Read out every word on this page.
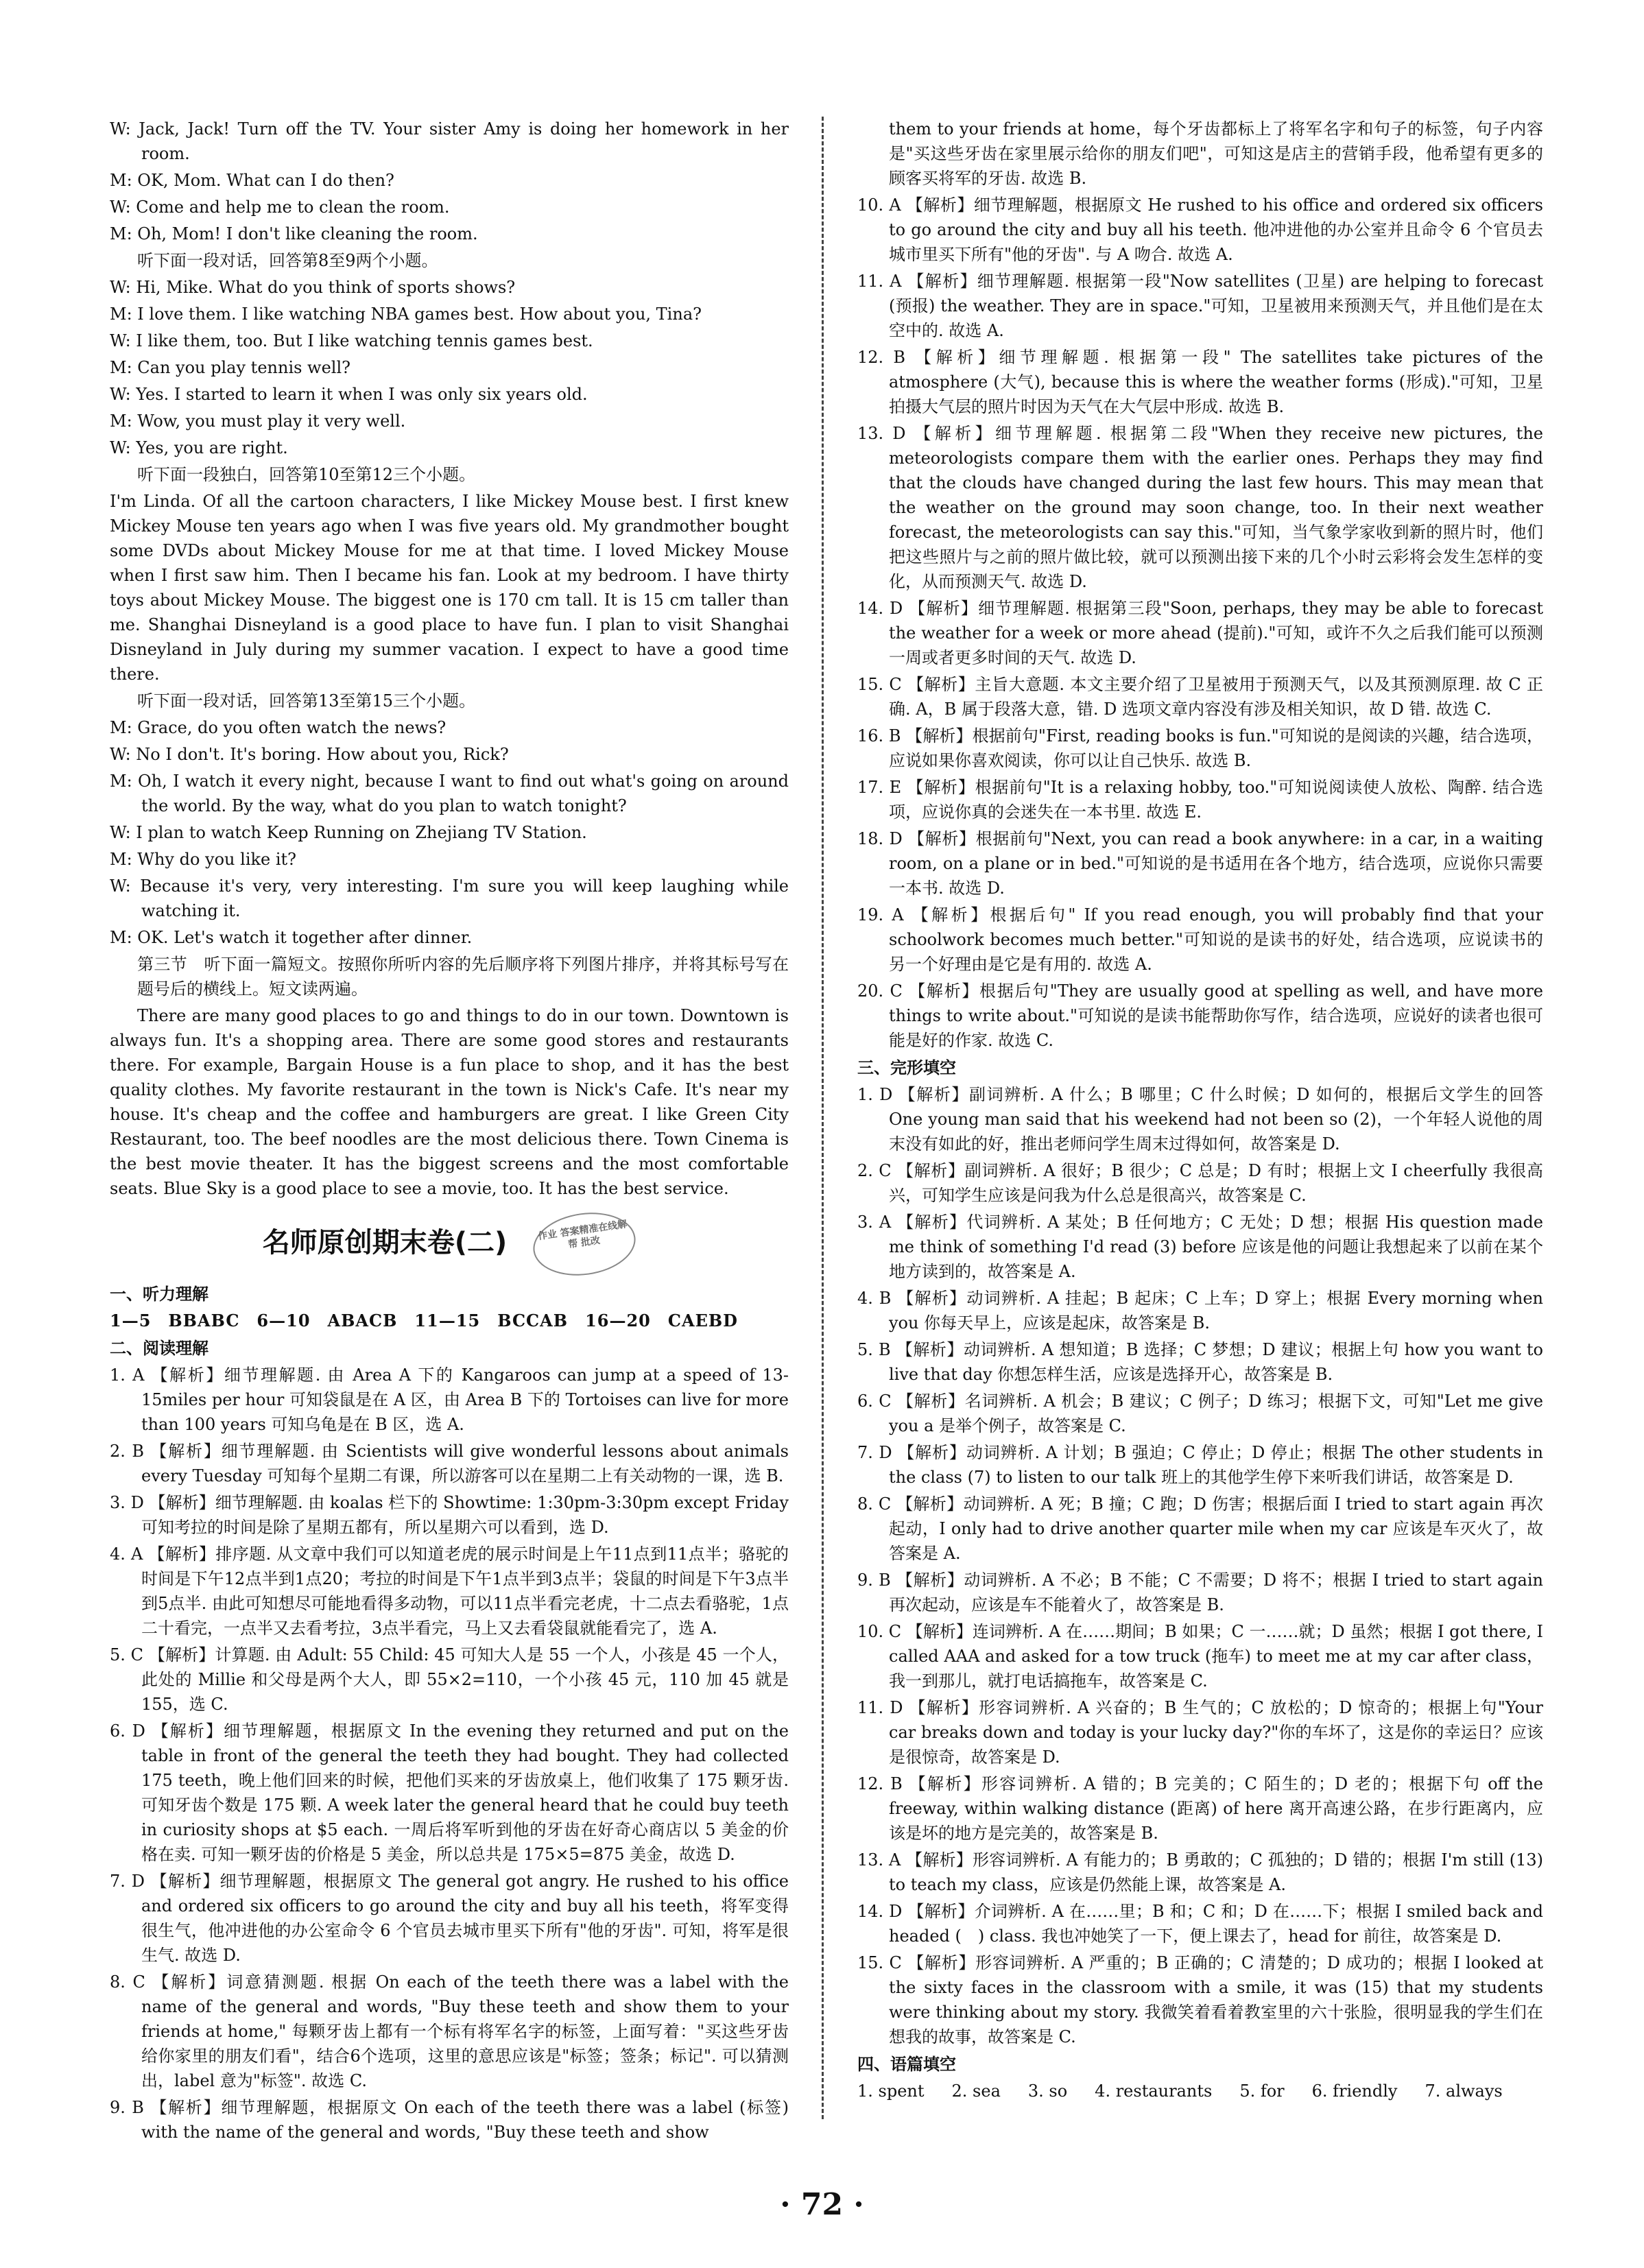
W: Jack, Jack! Turn off the TV. Your sister Amy is doing her homework in her room.

M: OK, Mom. What can I do then?

W: Come and help me to clean the room.

M: Oh, Mom! I don't like cleaning the room.

听下面一段对话，回答第8至9两个小题。

W: Hi, Mike. What do you think of sports shows?

M: I love them. I like watching NBA games best. How about you, Tina?

W: I like them, too. But I like watching tennis games best.

M: Can you play tennis well?

W: Yes. I started to learn it when I was only six years old.

M: Wow, you must play it very well.

W: Yes, you are right.

听下面一段独白，回答第10至第12三个小题。

I'm Linda. Of all the cartoon characters, I like Mickey Mouse best. I first knew Mickey Mouse ten years ago when I was five years old. My grandmother bought some DVDs about Mickey Mouse for me at that time. I loved Mickey Mouse when I first saw him. Then I became his fan. Look at my bedroom. I have thirty toys about Mickey Mouse. The biggest one is 170 cm tall. It is 15 cm taller than me. Shanghai Disneyland is a good place to have fun. I plan to visit Shanghai Disneyland in July during my summer vacation. I expect to have a good time there.

听下面一段对话，回答第13至第15三个小题。

M: Grace, do you often watch the news?

W: No I don't. It's boring. How about you, Rick?

M: Oh, I watch it every night, because I want to find out what's going on around the world. By the way, what do you plan to watch tonight?

W: I plan to watch Keep Running on Zhejiang TV Station.

M: Why do you like it?

W: Because it's very, very interesting. I'm sure you will keep laughing while watching it.

M: OK. Let's watch it together after dinner.

第三节　听下面一篇短文。按照你所听内容的先后顺序将下列图片排序，并将其标号写在题号后的横线上。短文读两遍。

There are many good places to go and things to do in our town. Downtown is always fun. It's a shopping area. There are some good stores and restaurants there. For example, Bargain House is a fun place to shop, and it has the best quality clothes. My favorite restaurant in the town is Nick's Cafe. It's near my house. It's cheap and the coffee and hamburgers are great. I like Green City Restaurant, too. The beef noodles are the most delicious there. Town Cinema is the best movie theater. It has the biggest screens and the most comfortable seats. Blue Sky is a good place to see a movie, too. It has the best service.

名师原创期末卷(二)	作业 答案精准在线解 帮 批改

一、听力理解

1—5　BBABC　6—10　ABACB　11—15　BCCAB　16—20　CAEBD

二、阅读理解

1. A 【解析】细节理解题. 由 Area A 下的 Kangaroos can jump at a speed of 13-15miles per hour 可知袋鼠是在 A 区，由 Area B 下的 Tortoises can live for more than 100 years 可知乌龟是在 B 区，选 A.

2. B 【解析】细节理解题. 由 Scientists will give wonderful lessons about animals every Tuesday 可知每个星期二有课，所以游客可以在星期二上有关动物的一课，选 B.

3. D 【解析】细节理解题. 由 koalas 栏下的 Showtime: 1:30pm-3:30pm except Friday 可知考拉的时间是除了星期五都有，所以星期六可以看到，选 D.

4. A 【解析】排序题. 从文章中我们可以知道老虎的展示时间是上午11点到11点半；骆驼的时间是下午12点半到1点20；考拉的时间是下午1点半到3点半；袋鼠的时间是下午3点半到5点半. 由此可知想尽可能地看得多动物，可以11点半看完老虎，十二点去看骆驼，1点二十看完，一点半又去看考拉，3点半看完，马上又去看袋鼠就能看完了，选 A.

5. C 【解析】计算题. 由 Adult: 55 Child: 45 可知大人是 55 一个人，小孩是 45 一个人，此处的 Millie 和父母是两个大人，即 55×2=110，一个小孩 45 元，110 加 45 就是 155，选 C.

6. D 【解析】细节理解题，根据原文 In the evening they returned and put on the table in front of the general the teeth they had bought. They had collected 175 teeth，晚上他们回来的时候，把他们买来的牙齿放桌上，他们收集了 175 颗牙齿. 可知牙齿个数是 175 颗. A week later the general heard that he could buy teeth in curiosity shops at $5 each. 一周后将军听到他的牙齿在好奇心商店以 5 美金的价格在卖. 可知一颗牙齿的价格是 5 美金，所以总共是 175×5=875 美金，故选 D.

7. D 【解析】细节理解题，根据原文 The general got angry. He rushed to his office and ordered six officers to go around the city and buy all his teeth，将军变得很生气，他冲进他的办公室命令 6 个官员去城市里买下所有"他的牙齿". 可知，将军是很生气. 故选 D.

8. C 【解析】词意猜测题. 根据 On each of the teeth there was a label with the name of the general and words, "Buy these teeth and show them to your friends at home," 每颗牙齿上都有一个标有将军名字的标签，上面写着："买这些牙齿给你家里的朋友们看"，结合6个选项，这里的意思应该是"标签；签条；标记". 可以猜测出，label 意为"标签". 故选 C.

9. B 【解析】细节理解题，根据原文 On each of the teeth there was a label (标签) with the name of the general and words, "Buy these teeth and show

them to your friends at home，每个牙齿都标上了将军名字和句子的标签，句子内容是"买这些牙齿在家里展示给你的朋友们吧"，可知这是店主的营销手段，他希望有更多的顾客买将军的牙齿. 故选 B.

10. A 【解析】细节理解题，根据原文 He rushed to his office and ordered six officers to go around the city and buy all his teeth. 他冲进他的办公室并且命令 6 个官员去城市里买下所有"他的牙齿". 与 A 吻合. 故选 A.

11. A 【解析】细节理解题. 根据第一段"Now satellites (卫星) are helping to forecast (预报) the weather. They are in space."可知，卫星被用来预测天气，并且他们是在太空中的. 故选 A.

12. B 【解析】细节理解题. 根据第一段" The satellites take pictures of the atmosphere (大气), because this is where the weather forms (形成)."可知，卫星拍摄大气层的照片时因为天气在大气层中形成. 故选 B.

13. D 【解析】细节理解题. 根据第二段"When they receive new pictures, the meteorologists compare them with the earlier ones. Perhaps they may find that the clouds have changed during the last few hours. This may mean that the weather on the ground may soon change, too. In their next weather forecast, the meteorologists can say this."可知，当气象学家收到新的照片时，他们把这些照片与之前的照片做比较，就可以预测出接下来的几个小时云彩将会发生怎样的变化，从而预测天气. 故选 D.

14. D 【解析】细节理解题. 根据第三段"Soon, perhaps, they may be able to forecast the weather for a week or more ahead (提前)."可知，或许不久之后我们能可以预测一周或者更多时间的天气. 故选 D.

15. C 【解析】主旨大意题. 本文主要介绍了卫星被用于预测天气，以及其预测原理. 故 C 正确. A，B 属于段落大意，错. D 选项文章内容没有涉及相关知识，故 D 错. 故选 C.

16. B 【解析】根据前句"First, reading books is fun."可知说的是阅读的兴趣，结合选项，应说如果你喜欢阅读，你可以让自己快乐. 故选 B.

17. E 【解析】根据前句"It is a relaxing hobby, too."可知说阅读使人放松、陶醉. 结合选项，应说你真的会迷失在一本书里. 故选 E.

18. D 【解析】根据前句"Next, you can read a book anywhere: in a car, in a waiting room, on a plane or in bed."可知说的是书适用在各个地方，结合选项，应说你只需要一本书. 故选 D.

19. A 【解析】根据后句" If you read enough, you will probably find that your schoolwork becomes much better."可知说的是读书的好处，结合选项，应说读书的另一个好理由是它是有用的. 故选 A.

20. C 【解析】根据后句"They are usually good at spelling as well, and have more things to write about."可知说的是读书能帮助你写作，结合选项，应说好的读者也很可能是好的作家. 故选 C.

三、完形填空

1. D 【解析】副词辨析. A 什么；B 哪里；C 什么时候；D 如何的，根据后文学生的回答 One young man said that his weekend had not been so (2)，一个年轻人说他的周末没有如此的好，推出老师问学生周末过得如何，故答案是 D.

2. C 【解析】副词辨析. A 很好；B 很少；C 总是；D 有时；根据上文 I cheerfully 我很高兴，可知学生应该是问我为什么总是很高兴，故答案是 C.

3. A 【解析】代词辨析. A 某处；B 任何地方；C 无处；D 想；根据 His question made me think of something I'd read (3) before 应该是他的问题让我想起来了以前在某个地方读到的，故答案是 A.

4. B 【解析】动词辨析. A 挂起；B 起床；C 上车；D 穿上；根据 Every morning when you 你每天早上，应该是起床，故答案是 B.

5. B 【解析】动词辨析. A 想知道；B 选择；C 梦想；D 建议；根据上句 how you want to live that day 你想怎样生活，应该是选择开心，故答案是 B.

6. C 【解析】名词辨析. A 机会；B 建议；C 例子；D 练习；根据下文，可知"Let me give you a 是举个例子，故答案是 C.

7. D 【解析】动词辨析. A 计划；B 强迫；C 停止；D 停止；根据 The other students in the class (7) to listen to our talk 班上的其他学生停下来听我们讲话，故答案是 D.

8. C 【解析】动词辨析. A 死；B 撞；C 跑；D 伤害；根据后面 I tried to start again 再次起动，I only had to drive another quarter mile when my car 应该是车灭火了，故答案是 A.

9. B 【解析】动词辨析. A 不必；B 不能；C 不需要；D 将不；根据 I tried to start again 再次起动，应该是车不能着火了，故答案是 B.

10. C 【解析】连词辨析. A 在……期间；B 如果；C 一……就；D 虽然；根据 I got there, I called AAA and asked for a tow truck (拖车) to meet me at my car after class，我一到那儿，就打电话搞拖车，故答案是 C.

11. D 【解析】形容词辨析. A 兴奋的；B 生气的；C 放松的；D 惊奇的；根据上句"Your car breaks down and today is your lucky day?"你的车坏了，这是你的幸运日？应该是很惊奇，故答案是 D.

12. B 【解析】形容词辨析. A 错的；B 完美的；C 陌生的；D 老的；根据下句 off the freeway, within walking distance (距离) of here 离开高速公路，在步行距离内，应该是坏的地方是完美的，故答案是 B.

13. A 【解析】形容词辨析. A 有能力的；B 勇敢的；C 孤独的；D 错的；根据 I'm still (13) to teach my class，应该是仍然能上课，故答案是 A.

14. D 【解析】介词辨析. A 在……里；B 和；C 和；D 在……下；根据 I smiled back and headed (　) class. 我也冲她笑了一下，便上课去了，head for 前往，故答案是 D.

15. C 【解析】形容词辨析. A 严重的；B 正确的；C 清楚的；D 成功的；根据 I looked at the sixty faces in the classroom with a smile, it was (15) that my students were thinking about my story. 我微笑着看着教室里的六十张脸，很明显我的学生们在想我的故事，故答案是 C.

四、语篇填空

1. spent 2. sea 3. so 4. restaurants 5. for 6. friendly 7. always
· 72 ·
